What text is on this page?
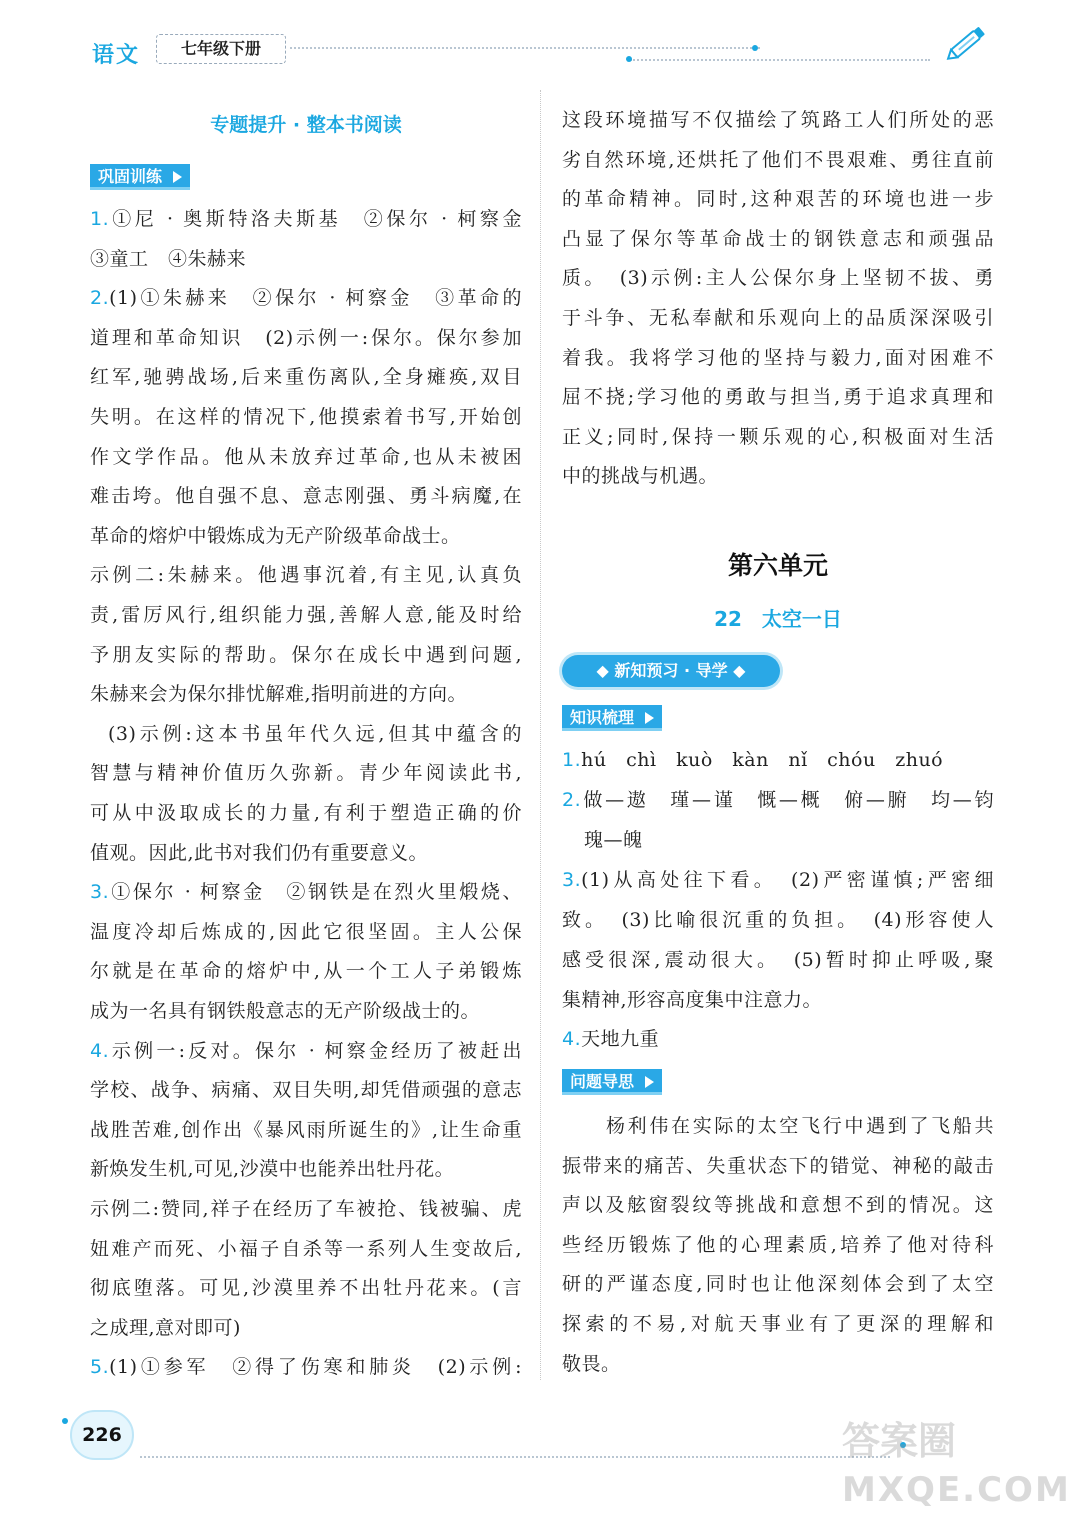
语文	七年级下册
专题提升 · 整本书阅读
巩固训练
1.①尼 · 奥斯特洛夫斯基　②保尔 · 柯察金
③童工　④朱赫来
2.(1)①朱赫来　②保尔 · 柯察金　③革命的
道理和革命知识　(2)示例一:保尔。保尔参加
红军,驰骋战场,后来重伤离队,全身瘫痪,双目
失明。在这样的情况下,他摸索着书写,开始创
作文学作品。他从未放弃过革命,也从未被困
难击垮。他自强不息、意志刚强、勇斗病魔,在
革命的熔炉中锻炼成为无产阶级革命战士。
示例二:朱赫来。他遇事沉着,有主见,认真负
责,雷厉风行,组织能力强,善解人意,能及时给
予朋友实际的帮助。保尔在成长中遇到问题,
朱赫来会为保尔排忧解难,指明前进的方向。
(3)示例:这本书虽年代久远,但其中蕴含的
智慧与精神价值历久弥新。青少年阅读此书,
可从中汲取成长的力量,有利于塑造正确的价
值观。因此,此书对我们仍有重要意义。
3.①保尔 · 柯察金　②钢铁是在烈火里煅烧、
温度冷却后炼成的,因此它很坚固。主人公保
尔就是在革命的熔炉中,从一个工人子弟锻炼
成为一名具有钢铁般意志的无产阶级战士的。
4.示例一:反对。保尔 · 柯察金经历了被赶出
学校、战争、病痛、双目失明,却凭借顽强的意志
战胜苦难,创作出《暴风雨所诞生的》,让生命重
新焕发生机,可见,沙漠中也能养出牡丹花。
示例二:赞同,祥子在经历了车被抢、钱被骗、虎
妞难产而死、小福子自杀等一系列人生变故后,
彻底堕落。可见,沙漠里养不出牡丹花来。(言
之成理,意对即可)
5.(1)①参军　②得了伤寒和肺炎　(2)示例:
这段环境描写不仅描绘了筑路工人们所处的恶
劣自然环境,还烘托了他们不畏艰难、勇往直前
的革命精神。同时,这种艰苦的环境也进一步
凸显了保尔等革命战士的钢铁意志和顽强品
质。　(3)示例:主人公保尔身上坚韧不拔、勇
于斗争、无私奉献和乐观向上的品质深深吸引
着我。我将学习他的坚持与毅力,面对困难不
屈不挠;学习他的勇敢与担当,勇于追求真理和
正义;同时,保持一颗乐观的心,积极面对生活
中的挑战与机遇。
第六单元
22　太空一日
◆ 新知预习 · 导学 ◆
知识梳理
1.hú　chì　kuò　kàn　nǐ　chóu　zhuó
2.做—遨　瑾—谨　慨—概　俯—腑　均—钧
瑰—魄
3.(1)从高处往下看。　(2)严密谨慎;严密细
致。　(3)比喻很沉重的负担。　(4)形容使人
感受很深,震动很大。　(5)暂时抑止呼吸,聚
集精神,形容高度集中注意力。
4.天地九重
问题导思
杨利伟在实际的太空飞行中遇到了飞船共
振带来的痛苦、失重状态下的错觉、神秘的敲击
声以及舷窗裂纹等挑战和意想不到的情况。这
些经历锻炼了他的心理素质,培养了他对待科
研的严谨态度,同时也让他深刻体会到了太空
探索的不易,对航天事业有了更深的理解和
敬畏。
226	答案圈
MXQE.COM
